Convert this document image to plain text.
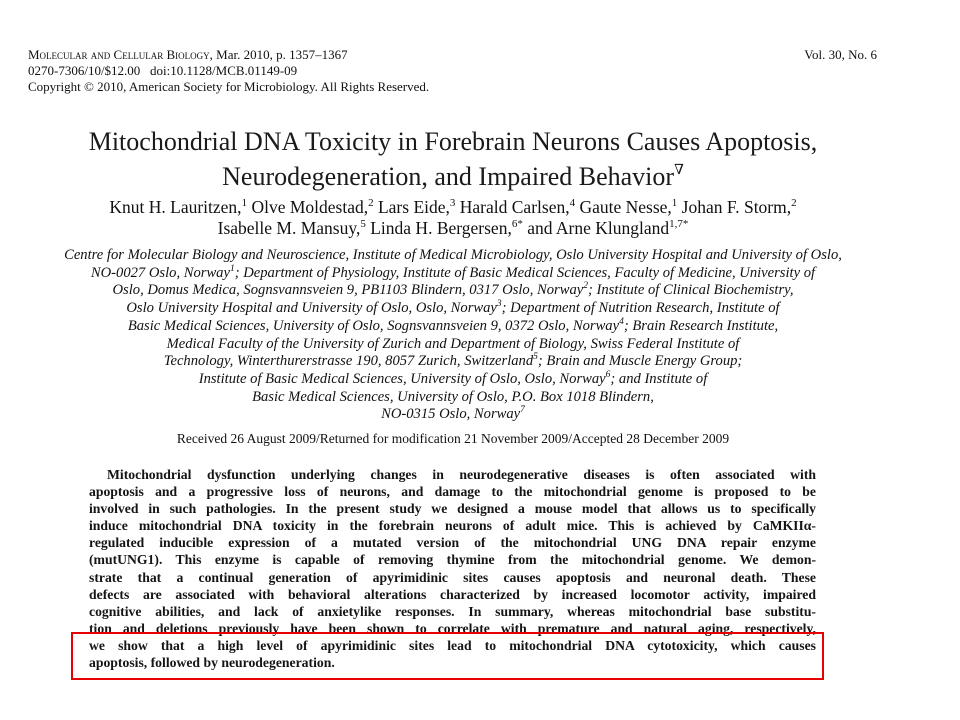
Molecular and Cellular Biology, Mar. 2010, p. 1357–1367
0270-7306/10/$12.00   doi:10.1128/MCB.01149-09
Copyright © 2010, American Society for Microbiology. All Rights Reserved.
Vol. 30, No. 6
Mitochondrial DNA Toxicity in Forebrain Neurons Causes Apoptosis,
Neurodegeneration, and Impaired Behavior∇
Knut H. Lauritzen,$^1$ Olve Moldestad,$^2$ Lars Eide,$^3$ Harald Carlsen,$^4$ Gaute Nesse,$^1$ Johan F. Storm,$^2$
Isabelle M. Mansuy,$^5$ Linda H. Bergersen,$^{6*}$ and Arne Klungland$^{1,7*}$
Centre for Molecular Biology and Neuroscience, Institute of Medical Microbiology, Oslo University Hospital and University of Oslo,
NO-0027 Oslo, Norway$^1$; Department of Physiology, Institute of Basic Medical Sciences, Faculty of Medicine, University of
Oslo, Domus Medica, Sognsvannsveien 9, PB1103 Blindern, 0317 Oslo, Norway$^2$; Institute of Clinical Biochemistry,
Oslo University Hospital and University of Oslo, Oslo, Norway$^3$; Department of Nutrition Research, Institute of
Basic Medical Sciences, University of Oslo, Sognsvannsveien 9, 0372 Oslo, Norway$^4$; Brain Research Institute,
Medical Faculty of the University of Zurich and Department of Biology, Swiss Federal Institute of
Technology, Winterthurerstrasse 190, 8057 Zurich, Switzerland$^5$; Brain and Muscle Energy Group;
Institute of Basic Medical Sciences, University of Oslo, Oslo, Norway$^6$; and Institute of
Basic Medical Sciences, University of Oslo, P.O. Box 1018 Blindern,
NO-0315 Oslo, Norway$^7$
Received 26 August 2009/Returned for modification 21 November 2009/Accepted 28 December 2009
Mitochondrial dysfunction underlying changes in neurodegenerative diseases is often associated with
apoptosis and a progressive loss of neurons, and damage to the mitochondrial genome is proposed to be
involved in such pathologies. In the present study we designed a mouse model that allows us to specifically
induce mitochondrial DNA toxicity in the forebrain neurons of adult mice. This is achieved by CaMKIIα-
regulated inducible expression of a mutated version of the mitochondrial UNG DNA repair enzyme
(mutUNG1). This enzyme is capable of removing thymine from the mitochondrial genome. We demon-
strate that a continual generation of apyrimidinic sites causes apoptosis and neuronal death. These
defects are associated with behavioral alterations characterized by increased locomotor activity, impaired
cognitive abilities, and lack of anxietylike responses. In summary, whereas mitochondrial base substitu-
tion and deletions previously have been shown to correlate with premature and natural aging, respectively,
we show that a high level of apyrimidinic sites lead to mitochondrial DNA cytotoxicity, which causes
apoptosis, followed by neurodegeneration.
